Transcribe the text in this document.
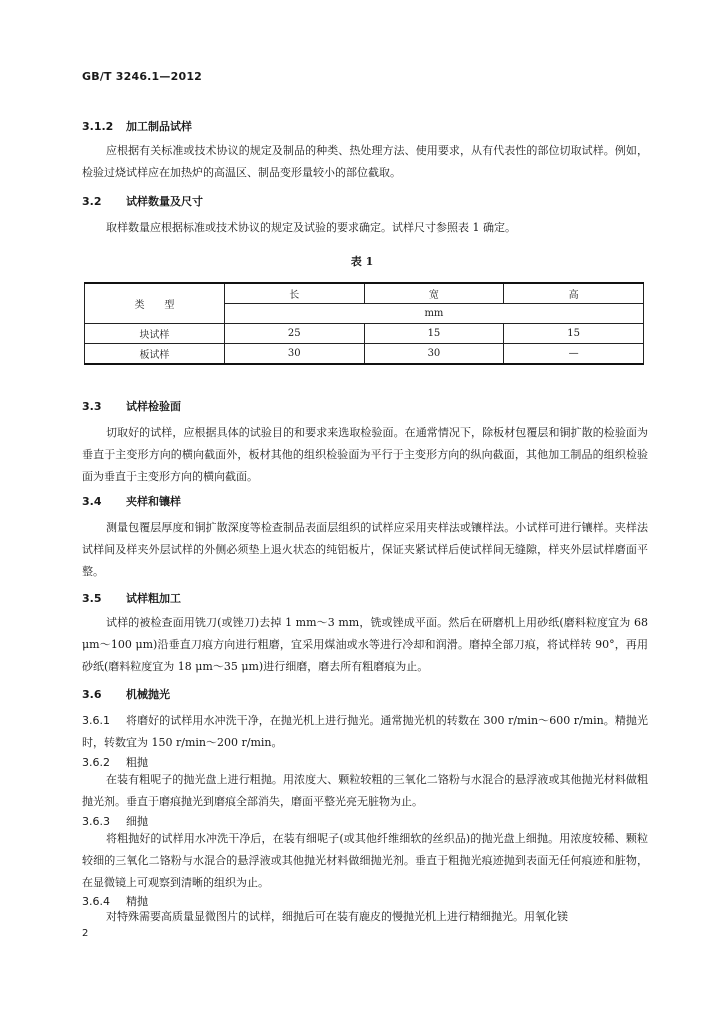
GB/T 3246.1—2012
3.1.2 加工制品试样
应根据有关标准或技术协议的规定及制品的种类、热处理方法、使用要求，从有代表性的部位切取试样。例如，检验过烧试样应在加热炉的高温区、制品变形量较小的部位截取。
3.2 试样数量及尺寸
取样数量应根据标准或技术协议的规定及试验的要求确定。试样尺寸参照表 1 确定。
表 1
类　　型	长	宽	高
	mm		
块试样	25	15	15
板试样	30	30	—
3.3 试样检验面
切取好的试样，应根据具体的试验目的和要求来选取检验面。在通常情况下，除板材包覆层和铜扩散的检验面为垂直于主变形方向的横向截面外，板材其他的组织检验面为平行于主变形方向的纵向截面，其他加工制品的组织检验面为垂直于主变形方向的横向截面。
3.4 夹样和镶样
测量包覆层厚度和铜扩散深度等检查制品表面层组织的试样应采用夹样法或镶样法。小试样可进行镶样。夹样法试样间及样夹外层试样的外侧必须垫上退火状态的纯铝板片，保证夹紧试样后使试样间无缝隙，样夹外层试样磨面平整。
3.5 试样粗加工
试样的被检查面用铣刀(或锉刀)去掉 1 mm～3 mm，铣或锉成平面。然后在研磨机上用砂纸(磨料粒度宜为 68 μm～100 μm)沿垂直刀痕方向进行粗磨，宜采用煤油或水等进行冷却和润滑。磨掉全部刀痕，将试样转 90°，再用砂纸(磨料粒度宜为 18 μm～35 μm)进行细磨，磨去所有粗磨痕为止。
3.6 机械抛光
3.6.1 将磨好的试样用水冲洗干净，在抛光机上进行抛光。通常抛光机的转数在 300 r/min～600 r/min。精抛光时，转数宜为 150 r/min～200 r/min。
3.6.2 粗抛
在装有粗呢子的抛光盘上进行粗抛。用浓度大、颗粒较粗的三氧化二铬粉与水混合的悬浮液或其他抛光材料做粗抛光剂。垂直于磨痕抛光到磨痕全部消失，磨面平整光亮无脏物为止。
3.6.3 细抛
将粗抛好的试样用水冲洗干净后，在装有细呢子(或其他纤维细软的丝织品)的抛光盘上细抛。用浓度较稀、颗粒较细的三氧化二铬粉与水混合的悬浮液或其他抛光材料做细抛光剂。垂直于粗抛光痕迹抛到表面无任何痕迹和脏物，在显微镜上可观察到清晰的组织为止。
3.6.4 精抛
对特殊需要高质量显微图片的试样，细抛后可在装有鹿皮的慢抛光机上进行精细抛光。用氧化镁
2
